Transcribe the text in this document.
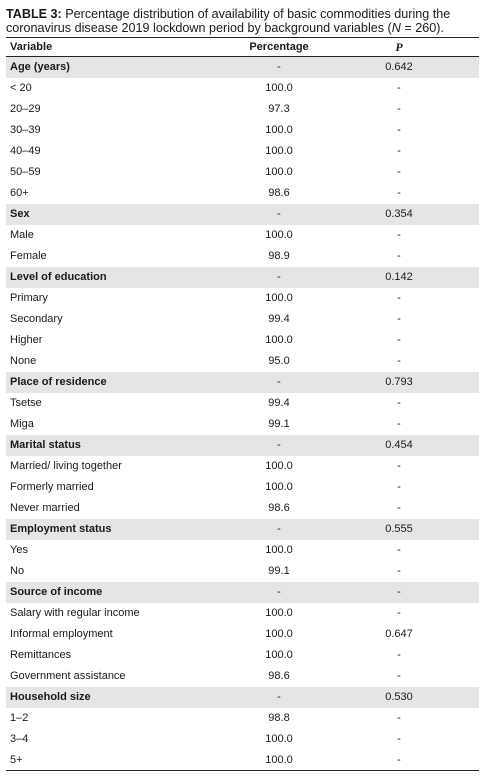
TABLE 3: Percentage distribution of availability of basic commodities during the coronavirus disease 2019 lockdown period by background variables (N = 260).
Variable	Percentage	P
Age (years)	-	0.642
< 20	100.0	-
20–29	97.3	-
30–39	100.0	-
40–49	100.0	-
50–59	100.0	-
60+	98.6	-
Sex	-	0.354
Male	100.0	-
Female	98.9	-
Level of education	-	0.142
Primary	100.0	-
Secondary	99.4	-
Higher	100.0	-
None	95.0	-
Place of residence	-	0.793
Tsetse	99.4	-
Miga	99.1	-
Marital status	-	0.454
Married/ living together	100.0	-
Formerly married	100.0	-
Never married	98.6	-
Employment status	-	0.555
Yes	100.0	-
No	99.1	-
Source of income	-	-
Salary with regular income	100.0	-
Informal employment	100.0	0.647
Remittances	100.0	-
Government assistance	98.6	-
Household size	-	0.530
1–2	98.8	-
3–4	100.0	-
5+	100.0	-
